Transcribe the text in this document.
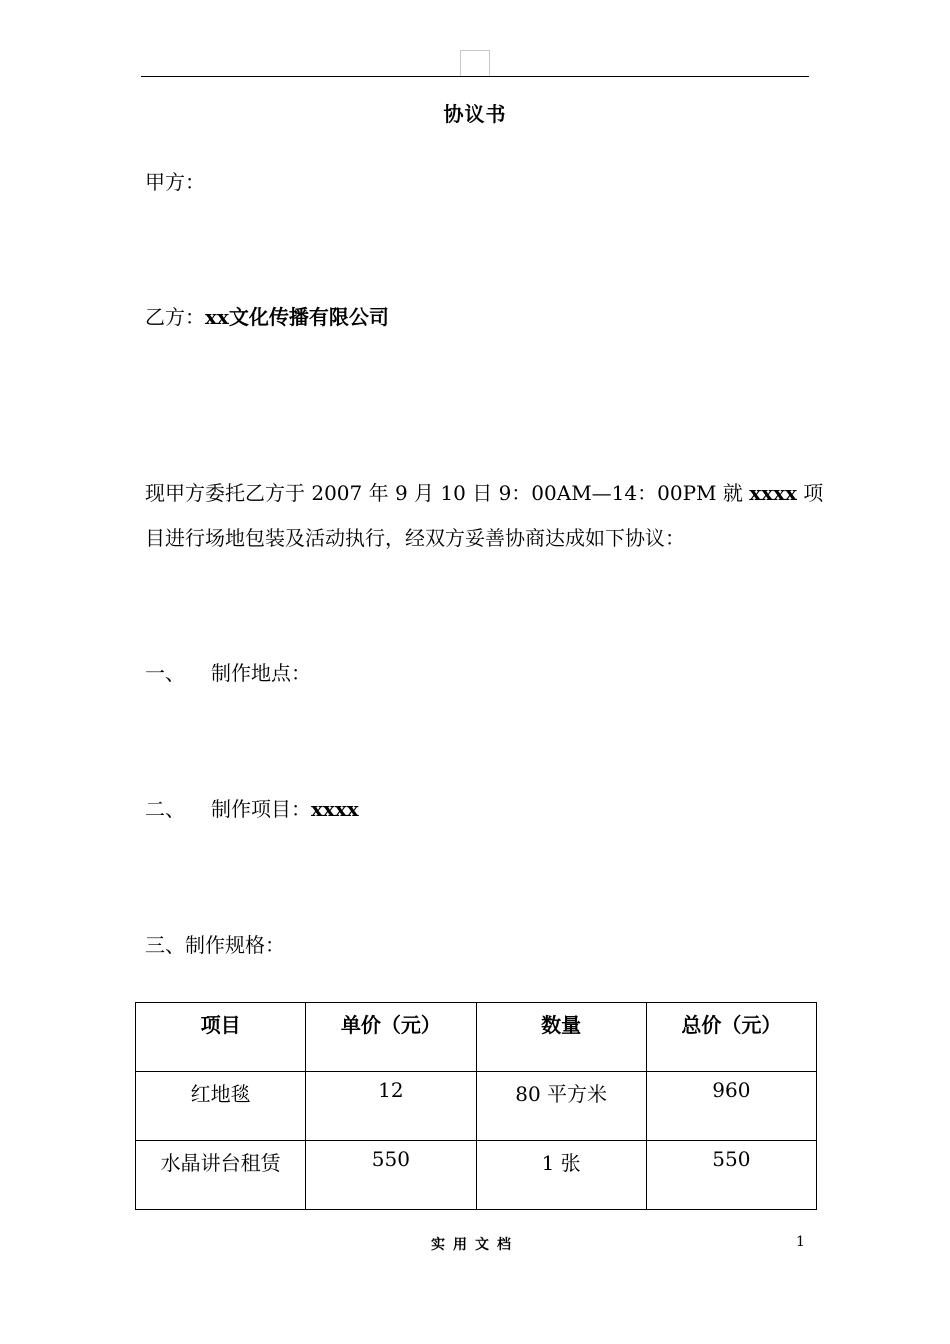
协议书
甲方：
乙方：xx文化传播有限公司
现甲方委托乙方于 2007 年 9 月 10 日 9：00AM—14：00PM 就 xxxx 项
目进行场地包装及活动执行，经双方妥善协商达成如下协议：
一、 制作地点：
二、 制作项目：xxxx
三、制作规格：
项目	单价（元）	数量	总价（元）
红地毯	12	80 平方米	960
水晶讲台租赁	550	1 张	550
实用文档	1
